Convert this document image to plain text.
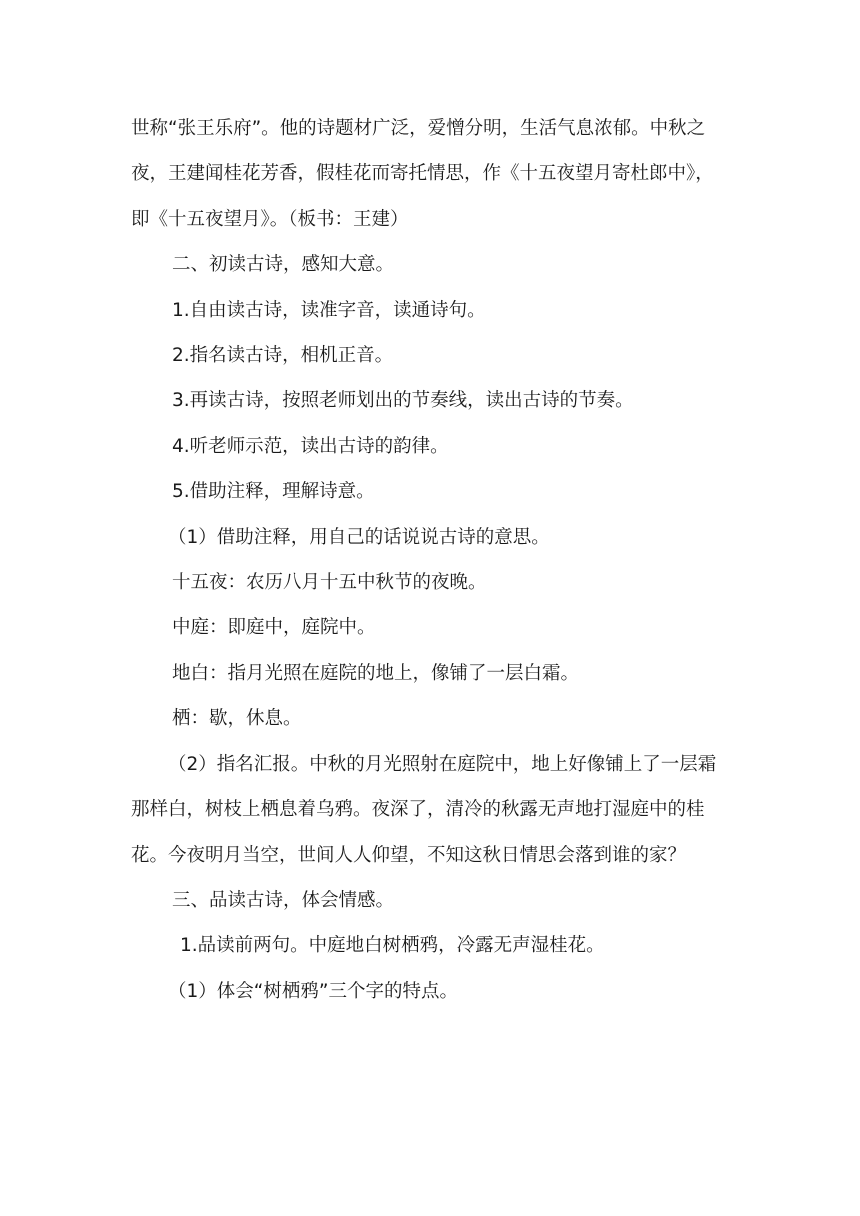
世称“张王乐府”。他的诗题材广泛，爱憎分明，生活气息浓郁。中秋之夜，王建闻桂花芳香，假桂花而寄托情思，作《十五夜望月寄杜郎中》，即《十五夜望月》。（板书：王建）

二、初读古诗，感知大意。

1.自由读古诗，读准字音，读通诗句。

2.指名读古诗，相机正音。

3.再读古诗，按照老师划出的节奏线，读出古诗的节奏。

4.听老师示范，读出古诗的韵律。

5.借助注释，理解诗意。

（1）借助注释，用自己的话说说古诗的意思。

十五夜：农历八月十五中秋节的夜晚。

中庭：即庭中，庭院中。

地白：指月光照在庭院的地上，像铺了一层白霜。

栖：歇，休息。

（2）指名汇报。中秋的月光照射在庭院中，地上好像铺上了一层霜那样白，树枝上栖息着乌鸦。夜深了，清冷的秋露无声地打湿庭中的桂花。今夜明月当空，世间人人仰望，不知这秋日情思会落到谁的家？

三、品读古诗，体会情感。

1.品读前两句。中庭地白树栖鸦，冷露无声湿桂花。

（1）体会“树栖鸦”三个字的特点。
